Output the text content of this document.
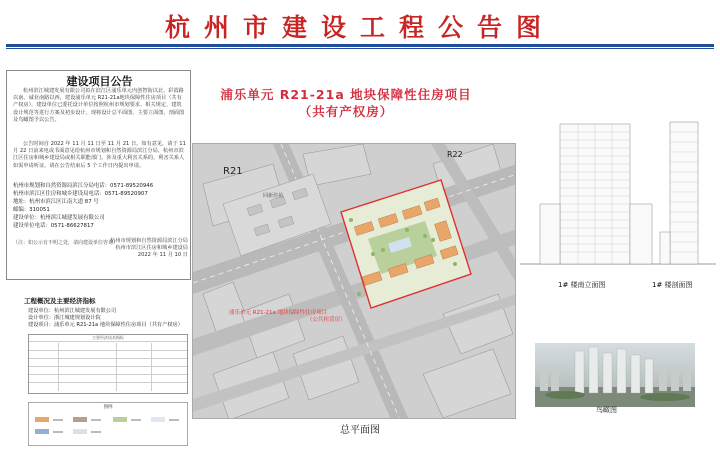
杭州市建设工程公告图
建设项目公告
杭州滨江城建发展有限公司拟在滨江区浦乐单元内创智街以北、彩霞路以南、诚业南路以西，建设浦乐单元 R21-21a地块保障性住房项目（共有产权房），建设单位已委托设计单位按照杭州市规划要求、相关规定、建筑设计规范等进行方案及初步设计，现将设计总平面图、主要立面图、剖面图及鸟瞰图予以公告。
公告时间自 2022 年 11 月 11 日至 11 月 21 日。如有意见，请于 11 月 22 日前来电或书面意见给杭州市规划和自然资源局滨江分局、杭州市滨江区住房和城乡建设局或相关职能部门。涉及重大利害关系的，利害关系人如需申请听证，请在公告结束后 5 个工作日内提出申请。
杭州市规划和自然资源局滨江分局电话：0571-89520946
杭州市滨江区住房和城乡建设局电话：0571-89520907
地址：杭州市滨江区江南大道 87 号
邮编：310051
建设单位：杭州滨江城建发展有限公司
建设单位电话：0571-86627817
（注：如公示有不明之处，请向建设单位咨询）
杭州市规划和自然资源局滨江分局
杭州市滨江区住房和城乡建设局
2022 年 11 月 10 日
工程概况及主要经济指标
建设单位：杭州滨江城建发展有限公司
设计单位：浙江城建规划设计院
建设项目：浦乐单元 R21-21a 地块保障性住房项目（共有产权房）
主要经济技术指标
图例
浦乐单元 R21-21a 地块保障性住房项目
（共有产权房）
R21
R22
回新佳苑
浦乐单元 R21-21a 地块保障性住房项目
（公共租赁房）
总平面图
1# 楼南立面图	1# 楼剖面图
鸟瞰图
